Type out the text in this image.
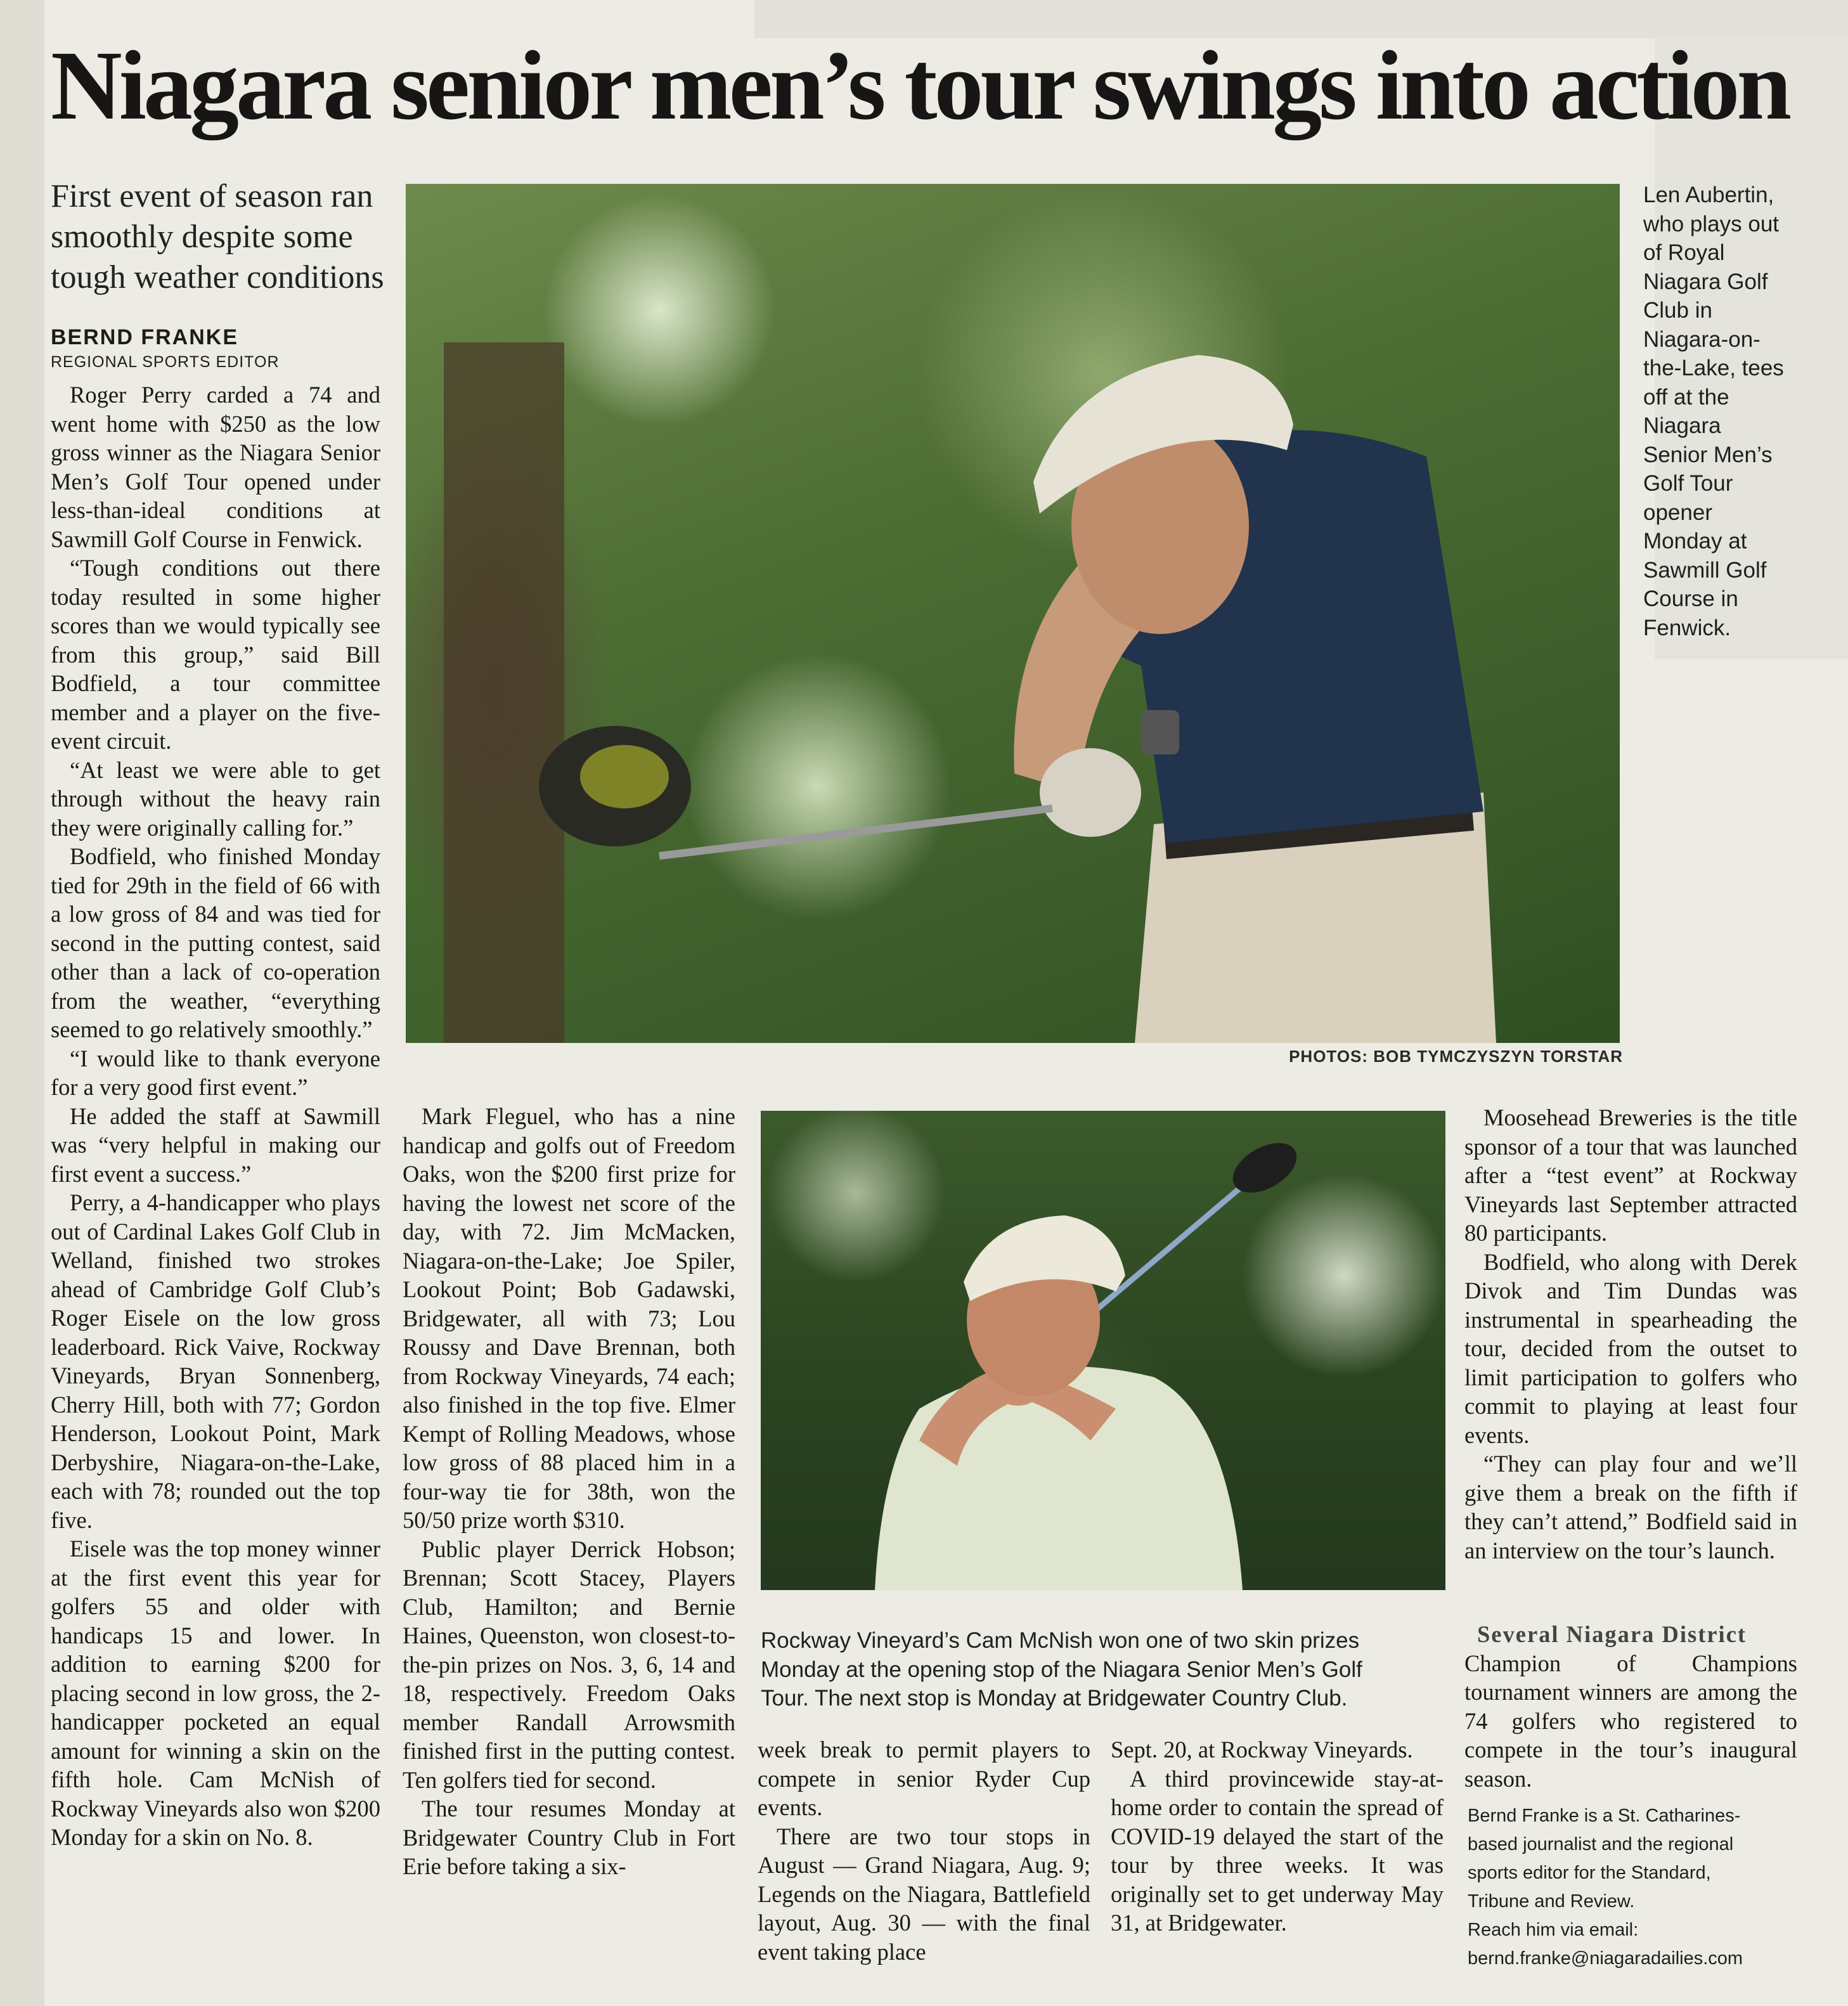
Niagara senior men’s tour swings into action
First event of season ran smoothly despite some tough weather conditions
BERND FRANKE
REGIONAL SPORTS EDITOR

Roger Perry carded a 74 and went home with $250 as the low gross winner as the Niagara Senior Men’s Golf Tour opened under less-than-ideal conditions at Sawmill Golf Course in Fenwick.

“Tough conditions out there today resulted in some higher scores than we would typically see from this group,” said Bill Bodfield, a tour committee member and a player on the five-event circuit.

“At least we were able to get through without the heavy rain they were originally calling for.”

Bodfield, who finished Monday tied for 29th in the field of 66 with a low gross of 84 and was tied for second in the putting contest, said other than a lack of co-operation from the weather, “everything seemed to go relatively smoothly.”

“I would like to thank everyone for a very good first event.”

He added the staff at Sawmill was “very helpful in making our first event a success.”

Perry, a 4-handicapper who plays out of Cardinal Lakes Golf Club in Welland, finished two strokes ahead of Cambridge Golf Club’s Roger Eisele on the low gross leaderboard. Rick Vaive, Rockway Vineyards, Bryan Sonnenberg, Cherry Hill, both with 77; Gordon Henderson, Lookout Point, Mark Derbyshire, Niagara-on-the-Lake, each with 78; rounded out the top five.

Eisele was the top money winner at the first event this year for golfers 55 and older with handicaps 15 and lower. In addition to earning $200 for placing second in low gross, the 2-handicapper pocketed an equal amount for winning a skin on the fifth hole. Cam McNish of Rockway Vineyards also won $200 Monday for a skin on No. 8.

PHOTOS: BOB TYMCZYSZYN TORSTAR
Len Aubertin,
who plays out
of Royal
Niagara Golf
Club in
Niagara-on-
the-Lake, tees
off at the
Niagara
Senior Men’s
Golf Tour
opener
Monday at
Sawmill Golf
Course in
Fenwick.

Mark Fleguel, who has a nine handicap and golfs out of Freedom Oaks, won the $200 first prize for having the lowest net score of the day, with 72. Jim McMacken, Niagara-on-the-Lake; Joe Spiler, Lookout Point; Bob Gadawski, Bridgewater, all with 73; Lou Roussy and Dave Brennan, both from Rockway Vineyards, 74 each; also finished in the top five. Elmer Kempt of Rolling Meadows, whose low gross of 88 placed him in a four-way tie for 38th, won the 50/50 prize worth $310.

Public player Derrick Hobson; Brennan; Scott Stacey, Players Club, Hamilton; and Bernie Haines, Queenston, won closest-to-the-pin prizes on Nos. 3, 6, 14 and 18, respectively. Freedom Oaks member Randall Arrowsmith finished first in the putting contest. Ten golfers tied for second.

The tour resumes Monday at Bridgewater Country Club in Fort Erie before taking a six-

Rockway Vineyard’s Cam McNish won one of two skin prizes
Monday at the opening stop of the Niagara Senior Men’s Golf
Tour. The next stop is Monday at Bridgewater Country Club.

week break to permit players to compete in senior Ryder Cup events.

There are two tour stops in August — Grand Niagara, Aug. 9; Legends on the Niagara, Battlefield layout, Aug. 30 — with the final event taking place

Sept. 20, at Rockway Vineyards.

A third provincewide stay-at-home order to contain the spread of COVID-19 delayed the start of the tour by three weeks. It was originally set to get underway May 31, at Bridgewater.

Moosehead Breweries is the title sponsor of a tour that was launched after a “test event” at Rockway Vineyards last September attracted 80 participants.

Bodfield, who along with Derek Divok and Tim Dundas was instrumental in spearheading the tour, decided from the outset to limit participation to golfers who commit to playing at least four events.

“They can play four and we’ll give them a break on the fifth if they can’t attend,” Bodfield said in an interview on the tour’s launch.

Several Niagara District

Champion of Champions tournament winners are among the 74 golfers who registered to compete in the tour’s inaugural season.

Bernd Franke is a St. Catharines-
based journalist and the regional
sports editor for the Standard,
Tribune and Review.
Reach him via email:
bernd.franke@niagaradailies.com
